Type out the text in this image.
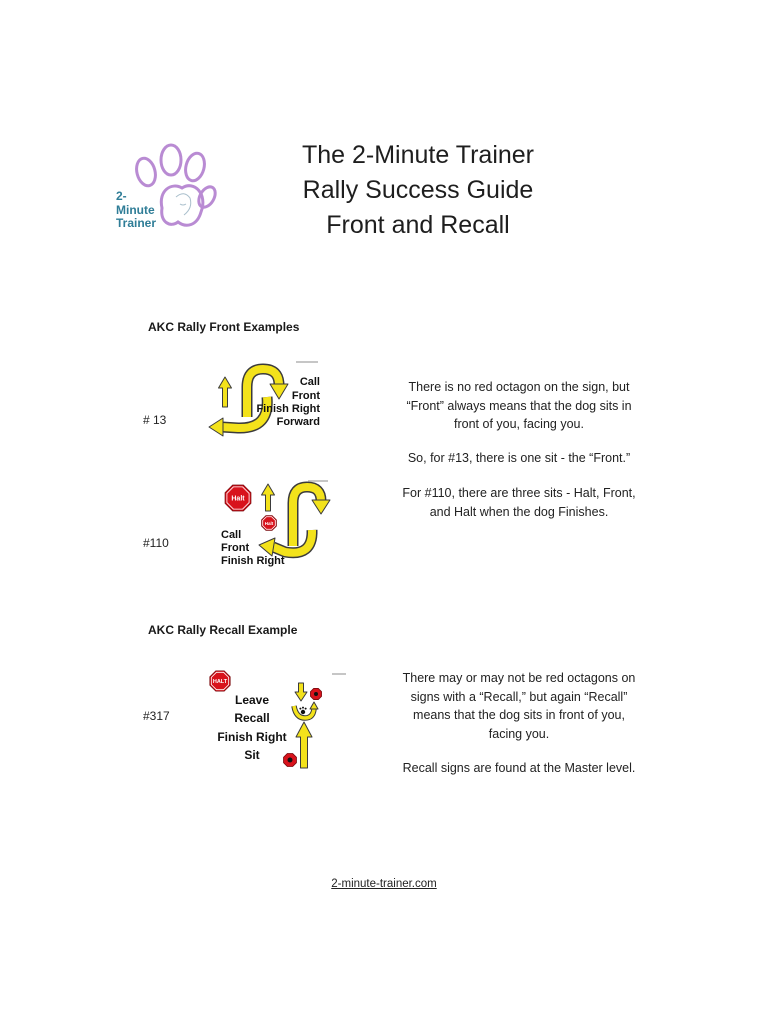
2-
Minute
Trainer
The 2-Minute Trainer
Rally Success Guide
Front and Recall
AKC Rally Front Examples
# 13
Call
Front
Finish Right
Forward
#110
Halt
Halt
Call
Front
Finish Right
There is no red octagon on the sign, but
“Front” always means that the dog sits in
front of you, facing you.
So, for #13, there is one sit - the “Front.”
For #110, there are three sits - Halt, Front,
and Halt when the dog Finishes.
AKC Rally Recall Example
#317
HALT
Leave
Recall
Finish Right
Sit
There may or may not be red octagons on
signs with a “Recall,” but again “Recall”
means that the dog sits in front of you,
facing you.
Recall signs are found at the Master level.
2-minute-trainer.com
